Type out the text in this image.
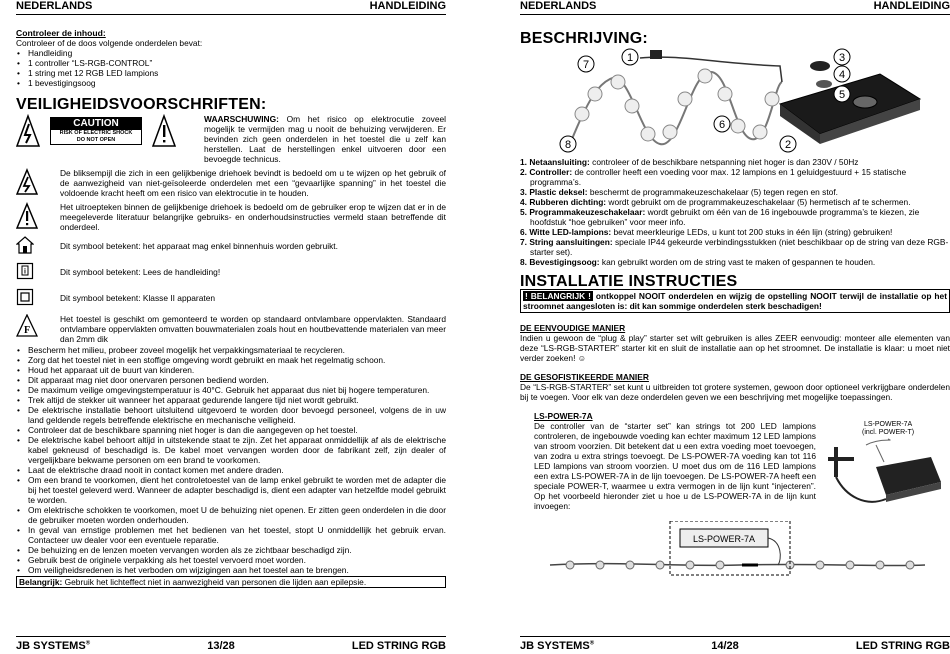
NEDERLANDS	HANDLEIDING
Controleer de inhoud:
Controleer of de doos volgende onderdelen bevat:
• Handleiding
• 1 controller “LS-RGB-CONTROL”
• 1 string met 12 RGB LED lampions
• 1 bevestigingsoog
VEILIGHEIDSVOORSCHRIFTEN:
CAUTION
RISK OF ELECTRIC SHOCK
DO NOT OPEN
WAARSCHUWING: Om het risico op elektrocutie zoveel mogelijk te vermijden mag u nooit de behuizing verwijderen. Er bevinden zich geen onderdelen in het toestel die u zelf kan herstellen. Laat de herstellingen enkel uitvoeren door een bevoegde technicus.
De bliksempijl die zich in een gelijkbenige driehoek bevindt is bedoeld om u te wijzen op het gebruik of de aanwezigheid van niet-geïsoleerde onderdelen met een “gevaarlijke spanning” in het toestel die voldoende kracht heeft om een risico van elektrocutie in te houden.
Het uitroepteken binnen de gelijkbenige driehoek is bedoeld om de gebruiker erop te wijzen dat er in de meegeleverde literatuur belangrijke gebruiks- en onderhoudsinstructies vermeld staan betreffende dit onderdeel.
Dit symbool betekent: het apparaat mag enkel binnenhuis worden gebruikt.
i	Dit symbool betekent: Lees de handleiding!
Dit symbool betekent: Klasse II apparaten
F
Het toestel is geschikt om gemonteerd te worden op standaard ontvlambare oppervlakten. Standaard ontvlambare oppervlakten omvatten bouwmaterialen zoals hout en houtbevattende materialen van meer dan 2mm dik
• Bescherm het milieu, probeer zoveel mogelijk het verpakkingsmateriaal te recycleren.
• Zorg dat het toestel niet in een stoffige omgeving wordt gebruikt en maak het regelmatig schoon.
• Houd het apparaat uit de buurt van kinderen.
• Dit apparaat mag niet door onervaren personen bediend worden.
• De maximum veilige omgevingstemperatuur is 40°C. Gebruik het apparaat dus niet bij hogere temperaturen.
• Trek altijd de stekker uit wanneer het apparaat gedurende langere tijd niet wordt gebruikt.
• De elektrische installatie behoort uitsluitend uitgevoerd te worden door bevoegd personeel, volgens de in uw land geldende regels betreffende elektrische en mechanische veiligheid.
• Controleer dat de beschikbare spanning niet hoger is dan die aangegeven op het toestel.
• De elektrische kabel behoort altijd in uitstekende staat te zijn. Zet het apparaat onmiddellijk af als de elektrische kabel gekneusd of beschadigd is. De kabel moet vervangen worden door de fabrikant zelf, zijn dealer of vergelijkbare bekwame personen om een brand te voorkomen.
• Laat de elektrische draad nooit in contact komen met andere draden.
• Om een brand te voorkomen, dient het controletoestel van de lamp enkel gebruikt te worden met de adapter die bij het toestel geleverd werd. Wanneer de adapter beschadigd is, dient een adapter van hetzelfde model gebruikt te worden.
• Om elektrische schokken te voorkomen, moet U de behuizing niet openen. Er zitten geen onderdelen in die door de gebruiker moeten worden onderhouden.
• In geval van ernstige problemen met het bedienen van het toestel, stopt U onmiddellijk het gebruik ervan. Contacteer uw dealer voor een eventuele reparatie.
• De behuizing en de lenzen moeten vervangen worden als ze zichtbaar beschadigd zijn.
• Gebruik best de originele verpakking als het toestel vervoerd moet worden.
• Om veiligheidsredenen is het verboden om wijzigingen aan het toestel aan te brengen.
Belangrijk: Gebruik het lichteffect niet in aanwezigheid van personen die lijden aan epilepsie.
JB SYSTEMS®	13/28	LED STRING RGB
NEDERLANDS	HANDLEIDING
BESCHRIJVING:
1
2
3
4
5
6
7
8
1. Netaansluiting: controleer of de beschikbare netspanning niet hoger is dan 230V / 50Hz
2. Controller: de controller heeft een voeding voor max. 12 lampions en 1 geluidgestuurd + 15 statische programma’s.
3. Plastic deksel: beschermt de programmakeuzeschakelaar (5) tegen regen en stof.
4. Rubberen dichting: wordt gebruikt om de programmakeuzeschakelaar (5) hermetisch af te schermen.
5. Programmakeuzeschakelaar: wordt gebruikt om één van de 16 ingebouwde programma’s te kiezen, zie hoofdstuk “hoe gebruiken” voor meer info.
6. Witte LED-lampions: bevat meerkleurige LEDs, u kunt tot 200 stuks in één lijn (string) gebruiken!
7. String aansluitingen: speciale IP44 gekeurde verbindingsstukken (niet beschikbaar op de string van deze RGB-starter set).
8. Bevestigingsoog: kan gebruikt worden om de string vast te maken of gespannen te houden.
INSTALLATIE INSTRUCTIES
! BELANGRIJK ! ontkoppel NOOIT onderdelen en wijzig de opstelling NOOIT terwijl de installatie op het stroomnet aangesloten is: dit kan sommige onderdelen sterk beschadigen!
DE EENVOUDIGE MANIER
Indien u gewoon de “plug & play” starter set wilt gebruiken is alles ZEER eenvoudig: monteer alle elementen van deze “LS-RGB-STARTER” starter kit en sluit de installatie aan op het stroomnet. De installatie is klaar: u moet niet verder zoeken! ☺
DE GESOFISTIKEERDE MANIER
De “LS-RGB-STARTER” set kunt u uitbreiden tot grotere systemen, gewoon door optioneel verkrijgbare onderdelen bij te voegen. Voor elk van deze onderdelen geven we een beschrijving met mogelijke toepassingen.
LS-POWER-7A
De controller van de “starter set” kan strings tot 200 LED lampions controleren, de ingebouwde voeding kan echter maximum 12 LED lampions van stroom voorzien. Dit betekent dat u een extra voeding moet toevoegen, van zodra u extra strings toevoegt. De LS-POWER-7A voeding kan tot 116 LED lampions van stroom voorzien. U moet dus om de 116 LED lampions een extra LS-POWER-7A in de lijn toevoegen. De LS-POWER-7A heeft een speciale POWER-T, waarmee u extra vermogen in de lijn kunt “injecteren”. Op het voorbeeld hieronder ziet u hoe u de LS-POWER-7A in de lijn kunt invoegen:
LS-POWER-7A
(incl. POWER-T)
LS-POWER-7A
JB SYSTEMS®	14/28	LED STRING RGB
